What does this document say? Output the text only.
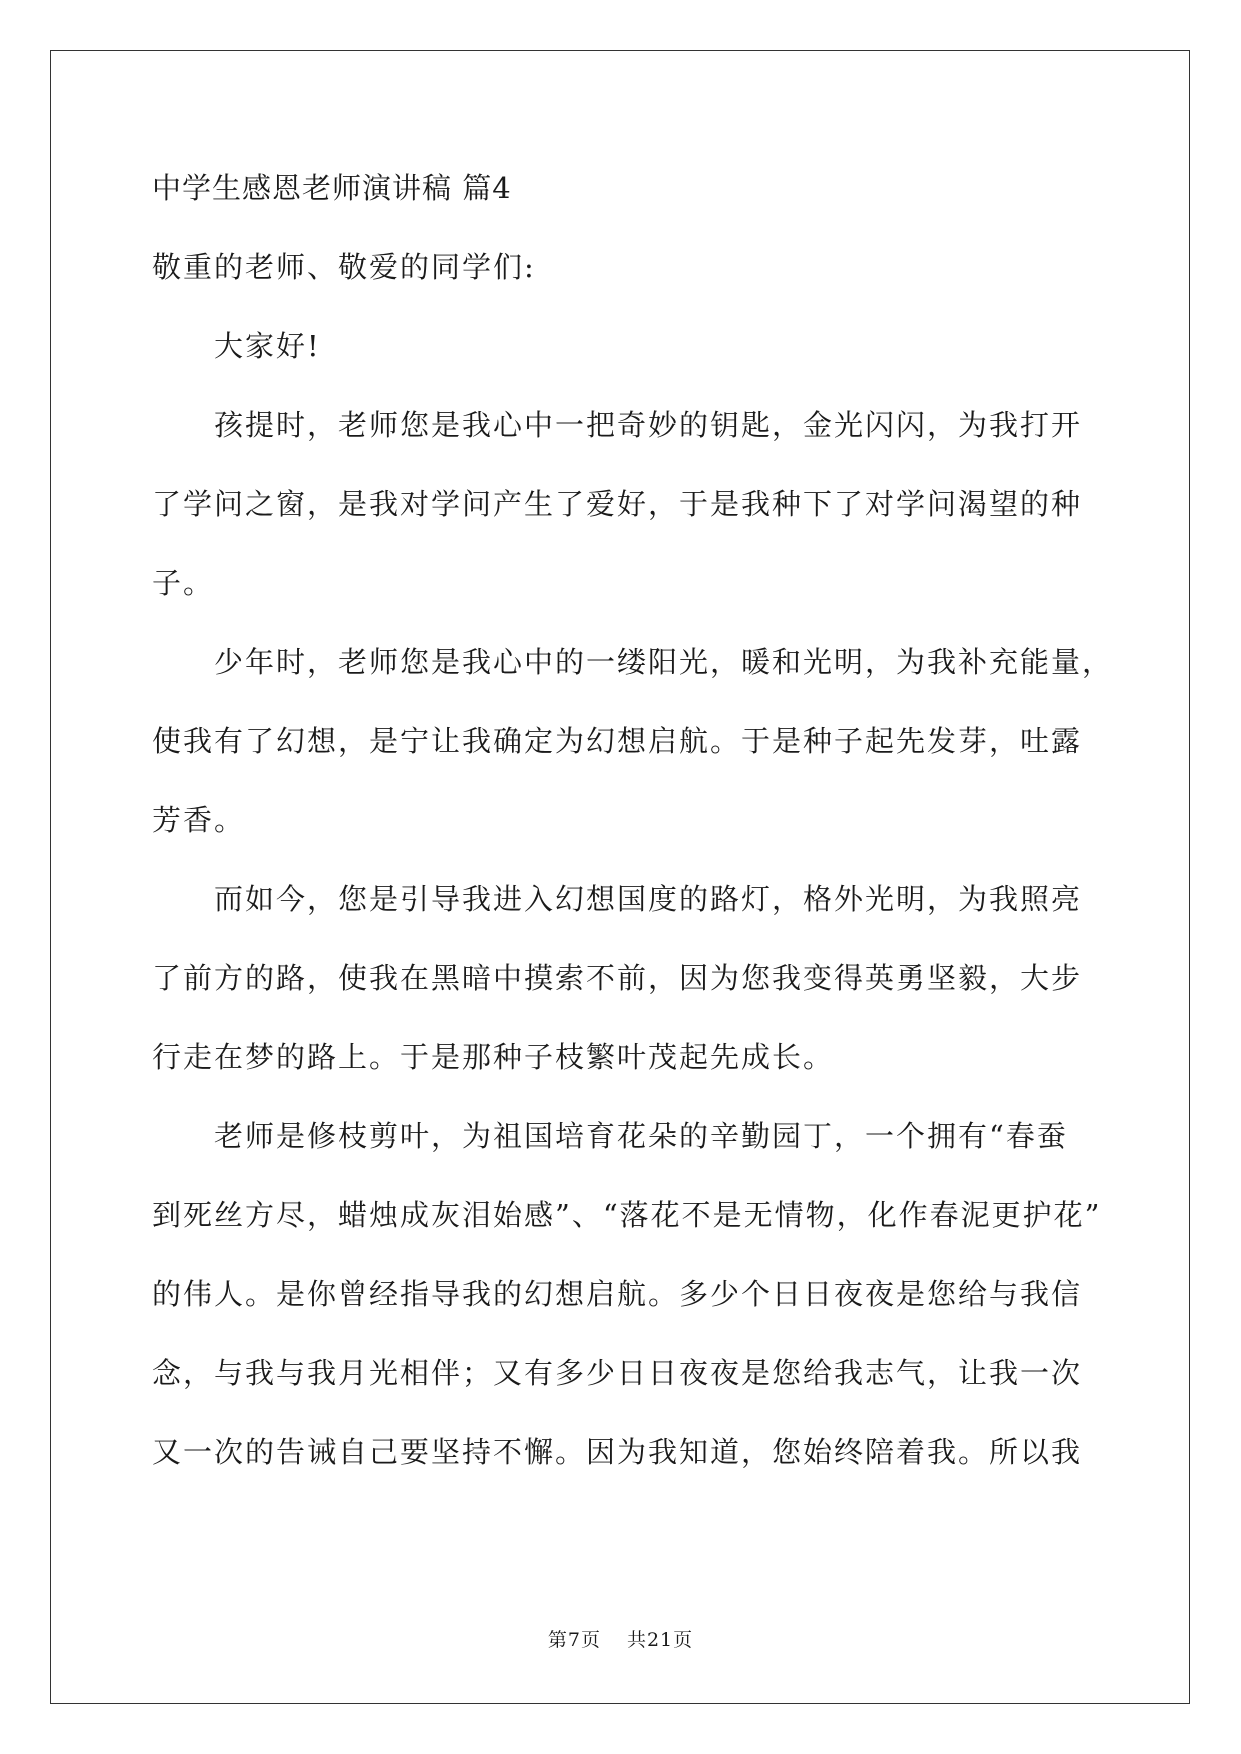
中学生感恩老师演讲稿 篇4

敬重的老师、敬爱的同学们:

大家好!

孩提时，老师您是我心中一把奇妙的钥匙，金光闪闪，为我打开

了学问之窗，是我对学问产生了爱好，于是我种下了对学问渴望的种

子。

少年时，老师您是我心中的一缕阳光，暖和光明，为我补充能量，

使我有了幻想，是宁让我确定为幻想启航。于是种子起先发芽，吐露

芳香。

而如今，您是引导我进入幻想国度的路灯，格外光明，为我照亮

了前方的路，使我在黑暗中摸索不前，因为您我变得英勇坚毅，大步

行走在梦的路上。于是那种子枝繁叶茂起先成长。

老师是修枝剪叶，为祖国培育花朵的辛勤园丁，一个拥有“春蚕

到死丝方尽，蜡烛成灰泪始感”、“落花不是无情物，化作春泥更护花”

的伟人。是你曾经指导我的幻想启航。多少个日日夜夜是您给与我信

念，与我与我月光相伴；又有多少日日夜夜是您给我志气，让我一次

又一次的告诫自己要坚持不懈。因为我知道，您始终陪着我。所以我

第7页 共21页
